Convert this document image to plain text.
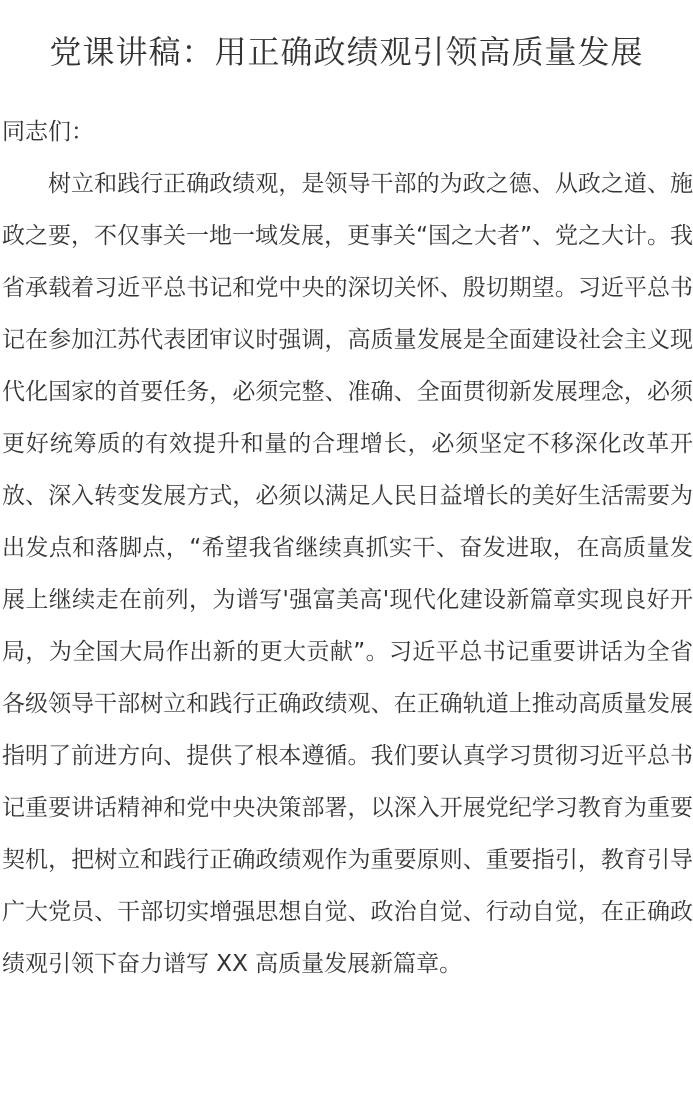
党课讲稿：用正确政绩观引领高质量发展
同志们：

树立和践行正确政绩观，是领导干部的为政之德、从政之道、施政之要，不仅事关一地一域发展，更事关“国之大者”、党之大计。我省承载着习近平总书记和党中央的深切关怀、殷切期望。习近平总书记在参加江苏代表团审议时强调，高质量发展是全面建设社会主义现代化国家的首要任务，必须完整、准确、全面贯彻新发展理念，必须更好统筹质的有效提升和量的合理增长，必须坚定不移深化改革开放、深入转变发展方式，必须以满足人民日益增长的美好生活需要为出发点和落脚点，“希望我省继续真抓实干、奋发进取，在高质量发展上继续走在前列，为谱写'强富美高'现代化建设新篇章实现良好开局，为全国大局作出新的更大贡献”。习近平总书记重要讲话为全省各级领导干部树立和践行正确政绩观、在正确轨道上推动高质量发展指明了前进方向、提供了根本遵循。我们要认真学习贯彻习近平总书记重要讲话精神和党中央决策部署，以深入开展党纪学习教育为重要契机，把树立和践行正确政绩观作为重要原则、重要指引，教育引导广大党员、干部切实增强思想自觉、政治自觉、行动自觉，在正确政绩观引领下奋力谱写 XX 高质量发展新篇章。
